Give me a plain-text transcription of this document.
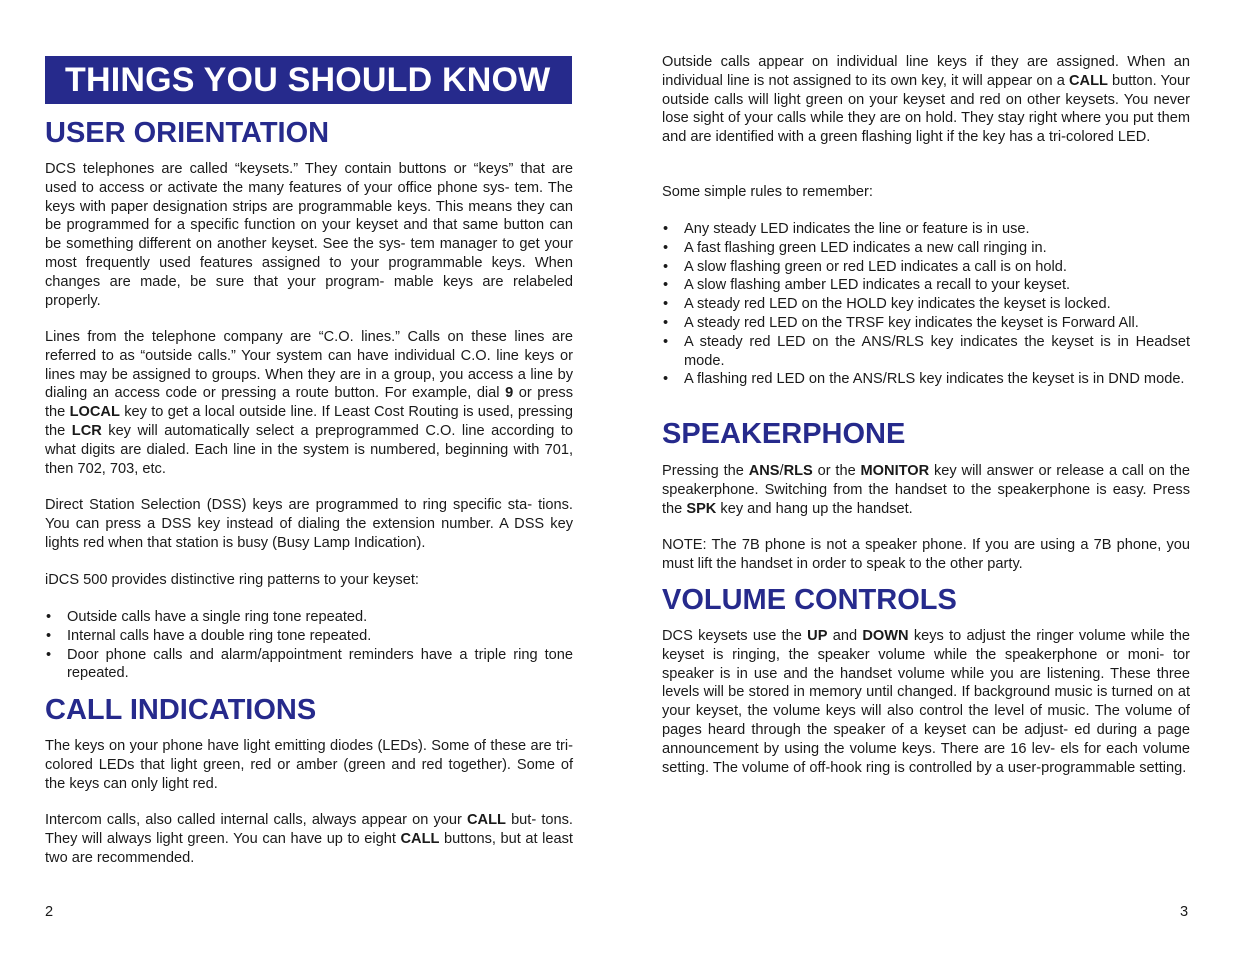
THINGS YOU SHOULD KNOW
USER ORIENTATION

DCS telephones are called “keysets.” They contain buttons or “keys” that are used to access or activate the many features of your office phone sys- tem. The keys with paper designation strips are programmable keys. This means they can be programmed for a specific function on your keyset and that same button can be something different on another keyset. See the sys- tem manager to get your most frequently used features assigned to your programmable keys. When changes are made, be sure that your program- mable keys are relabeled properly.

Lines from the telephone company are “C.O. lines.” Calls on these lines are referred to as “outside calls.” Your system can have individual C.O. line keys or lines may be assigned to groups. When they are in a group, you access a line by dialing an access code or pressing a route button. For example, dial 9 or press the LOCAL key to get a local outside line. If Least Cost Routing is used, pressing the LCR key will automatically select a preprogrammed C.O. line according to what digits are dialed. Each line in the system is numbered, beginning with 701, then 702, 703, etc.

Direct Station Selection (DSS) keys are programmed to ring specific sta- tions. You can press a DSS key instead of dialing the extension number. A DSS key lights red when that station is busy (Busy Lamp Indication).

iDCS 500 provides distinctive ring patterns to your keyset:

• Outside calls have a single ring tone repeated.
• Internal calls have a double ring tone repeated.
• Door phone calls and alarm/appointment reminders have a triple ring tone repeated.
CALL INDICATIONS

The keys on your phone have light emitting diodes (LEDs). Some of these are tri-colored LEDs that light green, red or amber (green and red together). Some of the keys can only light red.

Intercom calls, also called internal calls, always appear on your CALL but- tons. They will always light green. You can have up to eight CALL buttons, but at least two are recommended.

2

Outside calls appear on individual line keys if they are assigned. When an individual line is not assigned to its own key, it will appear on a CALL button. Your outside calls will light green on your keyset and red on other keysets. You never lose sight of your calls while they are on hold. They stay right where you put them and are identified with a green flashing light if the key has a tri-colored LED.

Some simple rules to remember:

• Any steady LED indicates the line or feature is in use.
• A fast flashing green LED indicates a new call ringing in.
• A slow flashing green or red LED indicates a call is on hold.
• A slow flashing amber LED indicates a recall to your keyset.
• A steady red LED on the HOLD key indicates the keyset is locked.
• A steady red LED on the TRSF key indicates the keyset is Forward All.
• A steady red LED on the ANS/RLS key indicates the keyset is in Headset mode.
• A flashing red LED on the ANS/RLS key indicates the keyset is in DND mode.
SPEAKERPHONE

Pressing the ANS/RLS or the MONITOR key will answer or release a call on the speakerphone. Switching from the handset to the speakerphone is easy. Press the SPK key and hang up the handset.

NOTE: The 7B phone is not a speaker phone. If you are using a 7B phone, you must lift the handset in order to speak to the other party.

VOLUME CONTROLS

DCS keysets use the UP and DOWN keys to adjust the ringer volume while the keyset is ringing, the speaker volume while the speakerphone or moni- tor speaker is in use and the handset volume while you are listening. These three levels will be stored in memory until changed. If background music is turned on at your keyset, the volume keys will also control the level of music. The volume of pages heard through the speaker of a keyset can be adjust- ed during a page announcement by using the volume keys. There are 16 lev- els for each volume setting. The volume of off-hook ring is controlled by a user-programmable setting.

3
